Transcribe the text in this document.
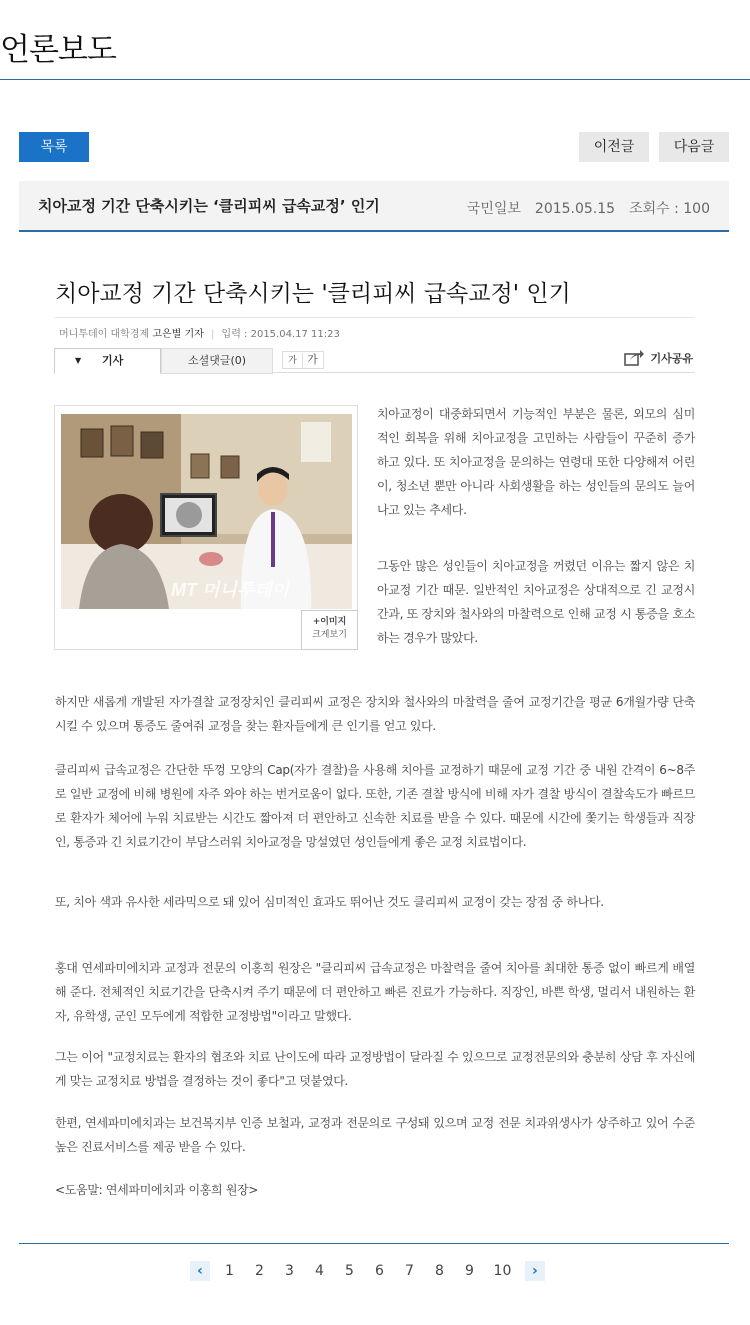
언론보도
목록	이전글	다음글
치아교정 기간 단축시키는 ‘클리피씨 급속교정’ 인기	국민일보 2015.05.15 조회수 : 100
치아교정 기간 단축시키는 '클리피씨 급속교정' 인기
머니투데이 대학경제 고은별 기자 | 입력 : 2015.04.17 11:23
▼ 기사	소셜댓글(0)	가 가	기사공유
MT 머니투데이
+이미지
크게보기
치아교정이 대중화되면서 기능적인 부분은 물론, 외모의 심미적인 회복을 위해 치아교정을 고민하는 사람들이 꾸준히 증가하고 있다. 또 치아교정을 문의하는 연령대 또한 다양해져 어린이, 청소년 뿐만 아니라 사회생활을 하는 성인들의 문의도 늘어나고 있는 추세다.
그동안 많은 성인들이 치아교정을 꺼렸던 이유는 짧지 않은 치아교정 기간 때문. 일반적인 치아교정은 상대적으로 긴 교정시간과, 또 장치와 철사와의 마찰력으로 인해 교정 시 통증을 호소하는 경우가 많았다.
하지만 새롭게 개발된 자가결찰 교정장치인 클리피씨 교정은 장치와 철사와의 마찰력을 줄여 교정기간을 평균 6개월가량 단축시킬 수 있으며 통증도 줄여줘 교정을 찾는 환자들에게 큰 인기를 얻고 있다.
클리피씨 급속교정은 간단한 뚜껑 모양의 Cap(자가 결찰)을 사용해 치아를 교정하기 때문에 교정 기간 중 내원 간격이 6~8주로 일반 교정에 비해 병원에 자주 와야 하는 번거로움이 없다. 또한, 기존 결찰 방식에 비해 자가 결찰 방식이 결찰속도가 빠르므로 환자가 체어에 누워 치료받는 시간도 짧아져 더 편안하고 신속한 치료를 받을 수 있다. 때문에 시간에 쫓기는 학생들과 직장인, 통증과 긴 치료기간이 부담스러워 치아교정을 망설였던 성인들에게 좋은 교정 치료법이다.
또, 치아 색과 유사한 세라믹으로 돼 있어 심미적인 효과도 뛰어난 것도 클리피씨 교정이 갖는 장점 중 하나다.
홍대 연세파미에치과 교정과 전문의 이홍희 원장은 "클리피씨 급속교정은 마찰력을 줄여 치아를 최대한 통증 없이 빠르게 배열해 준다. 전체적인 치료기간을 단축시켜 주기 때문에 더 편안하고 빠른 진료가 가능하다. 직장인, 바쁜 학생, 멀리서 내원하는 환자, 유학생, 군인 모두에게 적합한 교정방법"이라고 말했다.
그는 이어 "교정치료는 환자의 협조와 치료 난이도에 따라 교정방법이 달라질 수 있으므로 교정전문의와 충분히 상담 후 자신에게 맞는 교정치료 방법을 결정하는 것이 좋다"고 덧붙였다.
한편, 연세파미에치과는 보건복지부 인증 보철과, 교정과 전문의로 구성돼 있으며 교정 전문 치과위생사가 상주하고 있어 수준 높은 진료서비스를 제공 받을 수 있다.
<도움말: 연세파미에치과 이홍희 원장>
‹ 1 2 3 4 5 6 7 8 9 10 ›
